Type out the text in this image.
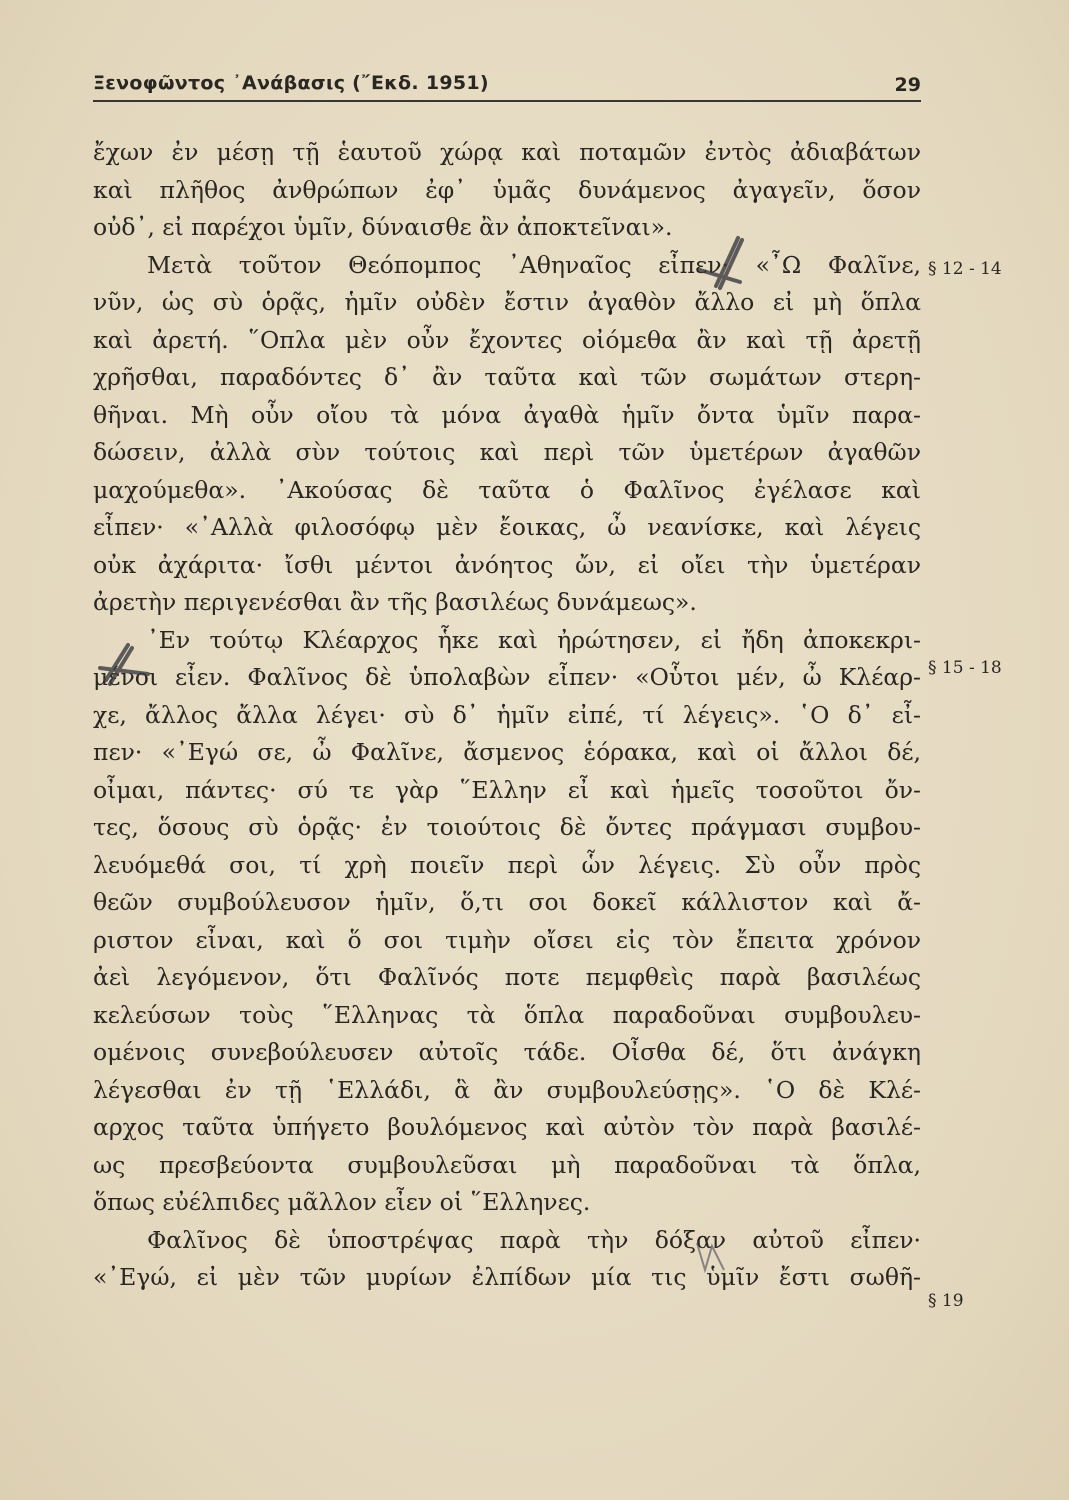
Ξενοφῶντος ᾿Ανάβασις (῎Εκδ. 1951)	29
ἔχων ἐν μέσῃ τῇ ἑαυτοῦ χώρᾳ καὶ ποταμῶν ἐντὸς ἀδιαβάτων
καὶ πλῆθος ἀνθρώπων ἐφ᾿ ὑμᾶς δυνάμενος ἀγαγεῖν, ὅσον
οὐδ᾿, εἰ παρέχοι ὑμῖν, δύναισθε ἂν ἀποκτεῖναι».
Μετὰ τοῦτον Θεόπομπος ᾿Αθηναῖος εἶπεν· «῏Ω Φαλῖνε,
νῦν, ὡς σὺ ὁρᾷς, ἡμῖν οὐδὲν ἔστιν ἀγαθὸν ἄλλο εἰ μὴ ὅπλα
καὶ ἀρετή. ῞Οπλα μὲν οὖν ἔχοντες οἰόμεθα ἂν καὶ τῇ ἀρετῇ
χρῆσθαι, παραδόντες δ᾿ ἂν ταῦτα καὶ τῶν σωμάτων στερη-
θῆναι. Μὴ οὖν οἴου τὰ μόνα ἀγαθὰ ἡμῖν ὄντα ὑμῖν παρα-
δώσειν, ἀλλὰ σὺν τούτοις καὶ περὶ τῶν ὑμετέρων ἀγαθῶν
μαχούμεθα». ᾿Ακούσας δὲ ταῦτα ὁ Φαλῖνος ἐγέλασε καὶ
εἶπεν· «᾿Αλλὰ φιλοσόφῳ μὲν ἔοικας, ὦ νεανίσκε, καὶ λέγεις
οὐκ ἀχάριτα· ἴσθι μέντοι ἀνόητος ὤν, εἰ οἴει τὴν ὑμετέραν
ἀρετὴν περιγενέσθαι ἂν τῆς βασιλέως δυνάμεως».
᾿Εν τούτῳ Κλέαρχος ἧκε καὶ ἠρώτησεν, εἰ ἤδη ἀποκεκρι-
μένοι εἶεν. Φαλῖνος δὲ ὑπολαβὼν εἶπεν· «Οὗτοι μέν, ὦ Κλέαρ-
χε, ἄλλος ἄλλα λέγει· σὺ δ᾿ ἡμῖν εἰπέ, τί λέγεις». ῾Ο δ᾿ εἶ-
πεν· «᾿Εγώ σε, ὦ Φαλῖνε, ἄσμενος ἑόρακα, καὶ οἱ ἄλλοι δέ,
οἶμαι, πάντες· σύ τε γὰρ ῞Ελλην εἶ καὶ ἡμεῖς τοσοῦτοι ὄν-
τες, ὅσους σὺ ὁρᾷς· ἐν τοιούτοις δὲ ὄντες πράγμασι συμβου-
λευόμεθά σοι, τί χρὴ ποιεῖν περὶ ὧν λέγεις. Σὺ οὖν πρὸς
θεῶν συμβούλευσον ἡμῖν, ὅ,τι σοι δοκεῖ κάλλιστον καὶ ἄ-
ριστον εἶναι, καὶ ὅ σοι τιμὴν οἴσει εἰς τὸν ἔπειτα χρόνον
ἀεὶ λεγόμενον, ὅτι Φαλῖνός ποτε πεμφθεὶς παρὰ βασιλέως
κελεύσων τοὺς ῞Ελληνας τὰ ὅπλα παραδοῦναι συμβουλευ-
ομένοις συνεβούλευσεν αὐτοῖς τάδε. Οἶσθα δέ, ὅτι ἀνάγκη
λέγεσθαι ἐν τῇ ῾Ελλάδι, ἃ ἂν συμβουλεύσῃς». ῾Ο δὲ Κλέ-
αρχος ταῦτα ὑπήγετο βουλόμενος καὶ αὐτὸν τὸν παρὰ βασιλέ-
ως πρεσβεύοντα συμβουλεῦσαι μὴ παραδοῦναι τὰ ὅπλα,
ὅπως εὐέλπιδες μᾶλλον εἶεν οἱ ῞Ελληνες.
Φαλῖνος δὲ ὑποστρέψας παρὰ τὴν δόξαν αὐτοῦ εἶπεν·
«᾿Εγώ, εἰ μὲν τῶν μυρίων ἐλπίδων μία τις ὑμῖν ἔστι σωθῆ-
§ 12 - 14
§ 15 - 18
§ 19
